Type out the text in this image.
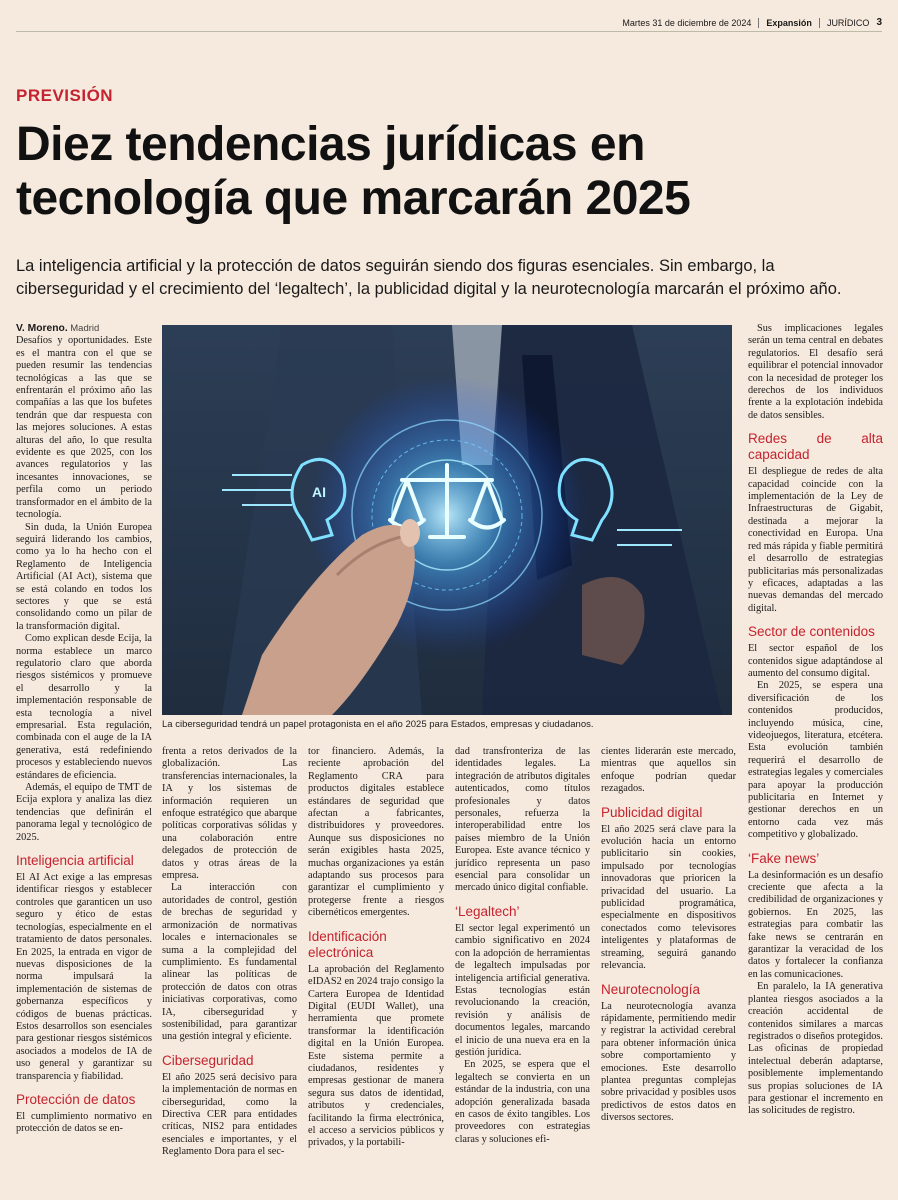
Martes 31 de diciembre de 2024 Expansión JURÍDICO 3
PREVISIÓN
Diez tendencias jurídicas en tecnología que marcarán 2025

La inteligencia artificial y la protección de datos seguirán siendo dos figuras esenciales. Sin embargo, la ciberseguridad y el crecimiento del ‘legaltech’, la publicidad digital y la neurotecnología marcarán el próximo año.

AI
La ciberseguridad tendrá un papel protagonista en el año 2025 para Estados, empresas y ciudadanos.

V. Moreno. Madrid

Desafíos y oportunidades. Este es el mantra con el que se pueden resumir las tendencias tecnológicas a las que se enfrentarán el próximo año las compañías a las que los bufetes tendrán que dar respuesta con las mejores soluciones. A estas alturas del año, lo que resulta evidente es que 2025, con los avances regulatorios y las incesantes innovaciones, se perfila como un periodo transformador en el ámbito de la tecnología.

Sin duda, la Unión Europea seguirá liderando los cambios, como ya lo ha hecho con el Reglamento de Inteligencia Artificial (AI Act), sistema que se está colando en todos los sectores y que se está consolidando como un pilar de la transformación digital.

Como explican desde Ecija, la norma establece un marco regulatorio claro que aborda riesgos sistémicos y promueve el desarrollo y la implementación responsable de esta tecnología a nivel empresarial. Esta regulación, combinada con el auge de la IA generativa, está redefiniendo procesos y estableciendo nuevos estándares de eficiencia.

Además, el equipo de TMT de Ecija explora y analiza las diez tendencias que definirán el panorama legal y tecnológico de 2025.

Inteligencia artificial

El AI Act exige a las empresas identificar riesgos y establecer controles que garanticen un uso seguro y ético de estas tecnologías, especialmente en el tratamiento de datos personales. En 2025, la entrada en vigor de nuevas disposiciones de la norma impulsará la implementación de sistemas de gobernanza específicos y códigos de buenas prácticas. Estos desarrollos son esenciales para gestionar riesgos sistémicos asociados a modelos de IA de uso general y garantizar su transparencia y fiabilidad.

Protección de datos

El cumplimiento normativo en protección de datos se en-

frenta a retos derivados de la globalización. Las transferencias internacionales, la IA y los sistemas de información requieren un enfoque estratégico que abarque políticas corporativas sólidas y una colaboración entre delegados de protección de datos y otras áreas de la empresa.

La interacción con autoridades de control, gestión de brechas de seguridad y armonización de normativas locales e internacionales se suma a la complejidad del cumplimiento. Es fundamental alinear las políticas de protección de datos con otras iniciativas corporativas, como IA, ciberseguridad y sostenibilidad, para garantizar una gestión integral y eficiente.

Ciberseguridad

El año 2025 será decisivo para la implementación de normas en ciberseguridad, como la Directiva CER para entidades críticas, NIS2 para entidades esenciales e importantes, y el Reglamento Dora para el sec-

tor financiero. Además, la reciente aprobación del Reglamento CRA para productos digitales establece estándares de seguridad que afectan a fabricantes, distribuidores y proveedores. Aunque sus disposiciones no serán exigibles hasta 2025, muchas organizaciones ya están adaptando sus procesos para garantizar el cumplimiento y protegerse frente a riesgos cibernéticos emergentes.

Identificación electrónica

La aprobación del Reglamento eIDAS2 en 2024 trajo consigo la Cartera Europea de Identidad Digital (EUDI Wallet), una herramienta que promete transformar la identificación digital en la Unión Europea. Este sistema permite a ciudadanos, residentes y empresas gestionar de manera segura sus datos de identidad, atributos y credenciales, facilitando la firma electrónica, el acceso a servicios públicos y privados, y la portabili-

dad transfronteriza de las identidades legales. La integración de atributos digitales autenticados, como títulos profesionales y datos personales, refuerza la interoperabilidad entre los países miembro de la Unión Europea. Este avance técnico y jurídico representa un paso esencial para consolidar un mercado único digital confiable.

‘Legaltech’

El sector legal experimentó un cambio significativo en 2024 con la adopción de herramientas de legaltech impulsadas por inteligencia artificial generativa. Estas tecnologías están revolucionando la creación, revisión y análisis de documentos legales, marcando el inicio de una nueva era en la gestión jurídica.

En 2025, se espera que el legaltech se convierta en un estándar de la industria, con una adopción generalizada basada en casos de éxito tangibles. Los proveedores con estrategias claras y soluciones efi-

cientes liderarán este mercado, mientras que aquellos sin enfoque podrían quedar rezagados.

Publicidad digital

El año 2025 será clave para la evolución hacia un entorno publicitario sin cookies, impulsado por tecnologías innovadoras que prioricen la privacidad del usuario. La publicidad programática, especialmente en dispositivos conectados como televisores inteligentes y plataformas de streaming, seguirá ganando relevancia.

Neurotecnología

La neurotecnología avanza rápidamente, permitiendo medir y registrar la actividad cerebral para obtener información única sobre comportamiento y emociones. Este desarrollo plantea preguntas complejas sobre privacidad y posibles usos predictivos de estos datos en diversos sectores.

Sus implicaciones legales serán un tema central en debates regulatorios. El desafío será equilibrar el potencial innovador con la necesidad de proteger los derechos de los individuos frente a la explotación indebida de datos sensibles.

Redes de alta capacidad

El despliegue de redes de alta capacidad coincide con la implementación de la Ley de Infraestructuras de Gigabit, destinada a mejorar la conectividad en Europa. Una red más rápida y fiable permitirá el desarrollo de estrategias publicitarias más personalizadas y eficaces, adaptadas a las nuevas demandas del mercado digital.

Sector de contenidos

El sector español de los contenidos sigue adaptándose al aumento del consumo digital.

En 2025, se espera una diversificación de los contenidos producidos, incluyendo música, cine, videojuegos, literatura, etcétera. Esta evolución también requerirá el desarrollo de estrategias legales y comerciales para apoyar la producción publicitaria en Internet y gestionar derechos en un entorno cada vez más competitivo y globalizado.

‘Fake news’

La desinformación es un desafío creciente que afecta a la credibilidad de organizaciones y gobiernos. En 2025, las estrategias para combatir las fake news se centrarán en garantizar la veracidad de los datos y fortalecer la confianza en las comunicaciones.

En paralelo, la IA generativa plantea riesgos asociados a la creación accidental de contenidos similares a marcas registrados o diseños protegidos. Las oficinas de propiedad intelectual deberán adaptarse, posiblemente implementando sus propias soluciones de IA para gestionar el incremento en las solicitudes de registro.
